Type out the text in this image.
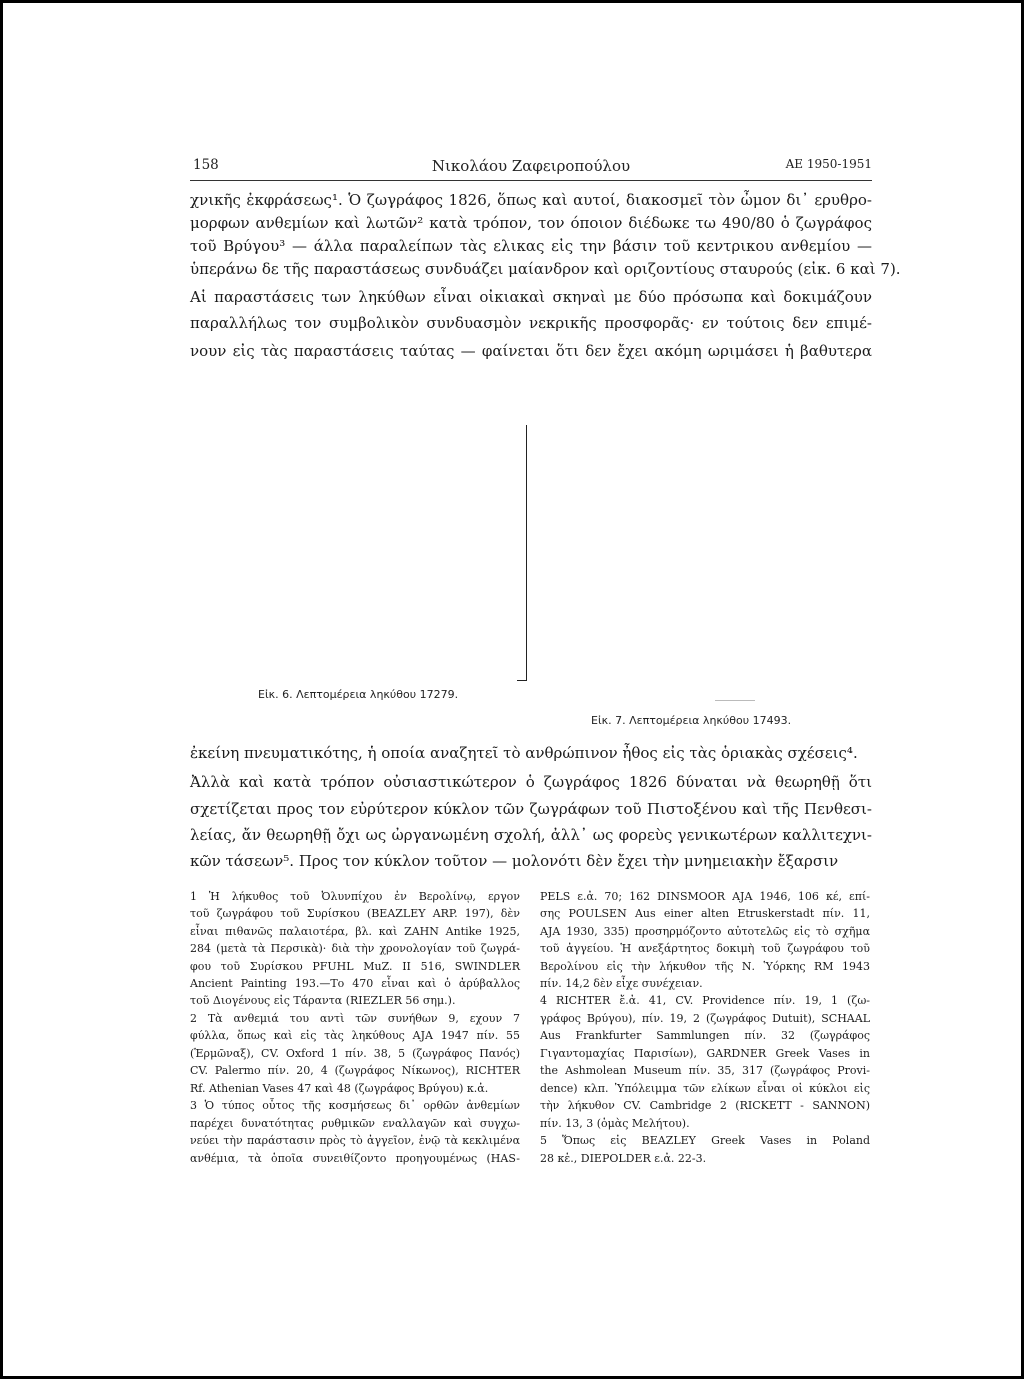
158	Νικολάου Ζαφειροπούλου	ΑΕ 1950-1951
χνικῆς ἐκφράσεως¹. Ὁ ζωγράφος 1826, ὅπως καὶ αυτοί, διακοσμεῖ τὸν ὦμον δι᾽ ερυθρο-
μορφων ανθεμίων καὶ λωτῶν² κατὰ τρόπον, τον όποιον διέδωκε τω 490/80 ὁ ζωγράφος
τοῦ Βρύγου³ — άλλα παραλείπων τὰς ελικας εἰς την βάσιν τοῦ κεντρικου ανθεμίου —
ὑπεράνω δε τῆς παραστάσεως συνδυάζει μαίανδρον καὶ οριζοντίους σταυρούς (εἰκ. 6 καὶ 7).
Αἱ παραστάσεις των ληκύθων εἶναι οἰκιακαὶ σκηναὶ με δύο πρόσωπα καὶ δοκιμάζουν
παραλλήλως τον συμβολικὸν συνδυασμὸν νεκρικῆς προσφορᾶς· εν τούτοις δεν επιμέ-
νουν εἰς τὰς παραστάσεις ταύτας — φαίνεται ὅτι δεν ἔχει ακόμη ωριμάσει ἡ βαθυτερα
Εἰκ. 6. Λεπτομέρεια ληκύθου 17279.
Εἰκ. 7. Λεπτομέρεια ληκύθου 17493.
ἐκείνη πνευματικότης, ἡ οποία αναζητεῖ τὸ ανθρώπινον ἦθος εἰς τὰς ὁριακὰς σχέσεις⁴.
Ἀλλὰ καὶ κατὰ τρόπον οὐσιαστικώτερον ὁ ζωγράφος 1826 δύναται νὰ θεωρηθῇ ὅτι
σχετίζεται προς τον εὐρύτερον κύκλον τῶν ζωγράφων τοῦ Πιστοξένου καὶ τῆς Πενθεσι-
λείας, ἄν θεωρηθῇ ὄχι ως ὠργανωμένη σχολή, ἀλλ᾽ ως φορεὺς γενικωτέρων καλλιτεχνι-
κῶν τάσεων⁵. Προς τον κύκλον τοῦτον — μολονότι δὲν ἔχει τὴν μνημειακὴν ἔξαρσιν
1 Ἡ λήκυθος τοῦ Ὀλυνπίχου ἐν Βερολίνῳ, εργον
τοῦ ζωγράφου τοῦ Συρίσκου (BEAZLEY ARP. 197), δὲν
εἶναι πιθανῶς παλαιοτέρα, βλ. καὶ ZAHN Antike 1925,
284 (μετὰ τὰ Περσικὰ)· διὰ τὴν χρονολογίαν τοῦ ζωγρά-
φου τοῦ Συρίσκου PFUHL MuZ. II 516, SWINDLER
Ancient Painting 193.—Το 470 εἶναι καὶ ὁ ἀρύβαλλος
τοῦ Διογένους εἰς Τάραντα (RIEZLER 56 σημ.).
2 Τὰ ανθεμιά του αντὶ τῶν συνήθων 9, εχουν 7
φύλλα, ὅπως καὶ εἰς τὰς ληκύθους AJA 1947 πίν. 55
(Ἑρμῶναξ), CV. Oxford 1 πίν. 38, 5 (ζωγράφος Πανός)
CV. Palermo πίν. 20, 4 (ζωγράφος Νίκωνος), RICHTER
Rf. Athenian Vases 47 καὶ 48 (ζωγράφος Βρύγου) κ.ἀ.
3 Ὁ τύπος οὗτος τῆς κοσμήσεως δι᾽ ορθῶν ἀνθεμίων
παρέχει δυνατότητας ρυθμικῶν εναλλαγῶν καὶ συγχω-
νεύει τὴν παράστασιν πρὸς τὸ ἀγγεῖον, ἐνῷ τὰ κεκλιμένα
ανθέμια, τὰ ὁποῖα συνειθίζοντο προηγουμένως (HAS-
PELS ε.ἀ. 70; 162 DINSMOOR AJA 1946, 106 κέ, επί-
σης POULSEN Aus einer alten Etruskerstadt πίν. 11,
AJA 1930, 335) προσηρμόζοντο αὐτοτελῶς εἰς τὸ σχῆμα
τοῦ ἀγγείου. Ἡ ανεξάρτητος δοκιμὴ τοῦ ζωγράφου τοῦ
Βερολίνου εἰς τὴν λήκυθον τῆς Ν. Ὑόρκης RM 1943
πίν. 14,2 δὲν εἶχε συνέχειαν.
4 RICHTER ἔ.ἀ. 41, CV. Providence πίν. 19, 1 (ζω-
γράφος Βρύγου), πίν. 19, 2 (ζωγράφος Dutuit), SCHAAL
Aus Frankfurter Sammlungen πίν. 32 (ζωγράφος
Γιγαντομαχίας Παρισίων), GARDNER Greek Vases in
the Ashmolean Museum πίν. 35, 317 (ζωγράφος Provi-
dence) κλπ. Ὑπόλειμμα τῶν ελίκων εἶναι οἱ κύκλοι εἰς
τὴν λήκυθον CV. Cambridge 2 (RICKETT - SANNON)
πίν. 13, 3 (ὁμὰς Μελήτου).
5 Ὅπως εἰς BEAZLEY Greek Vases in Poland
28 κἑ., DIEPOLDER ε.ἀ. 22-3.
